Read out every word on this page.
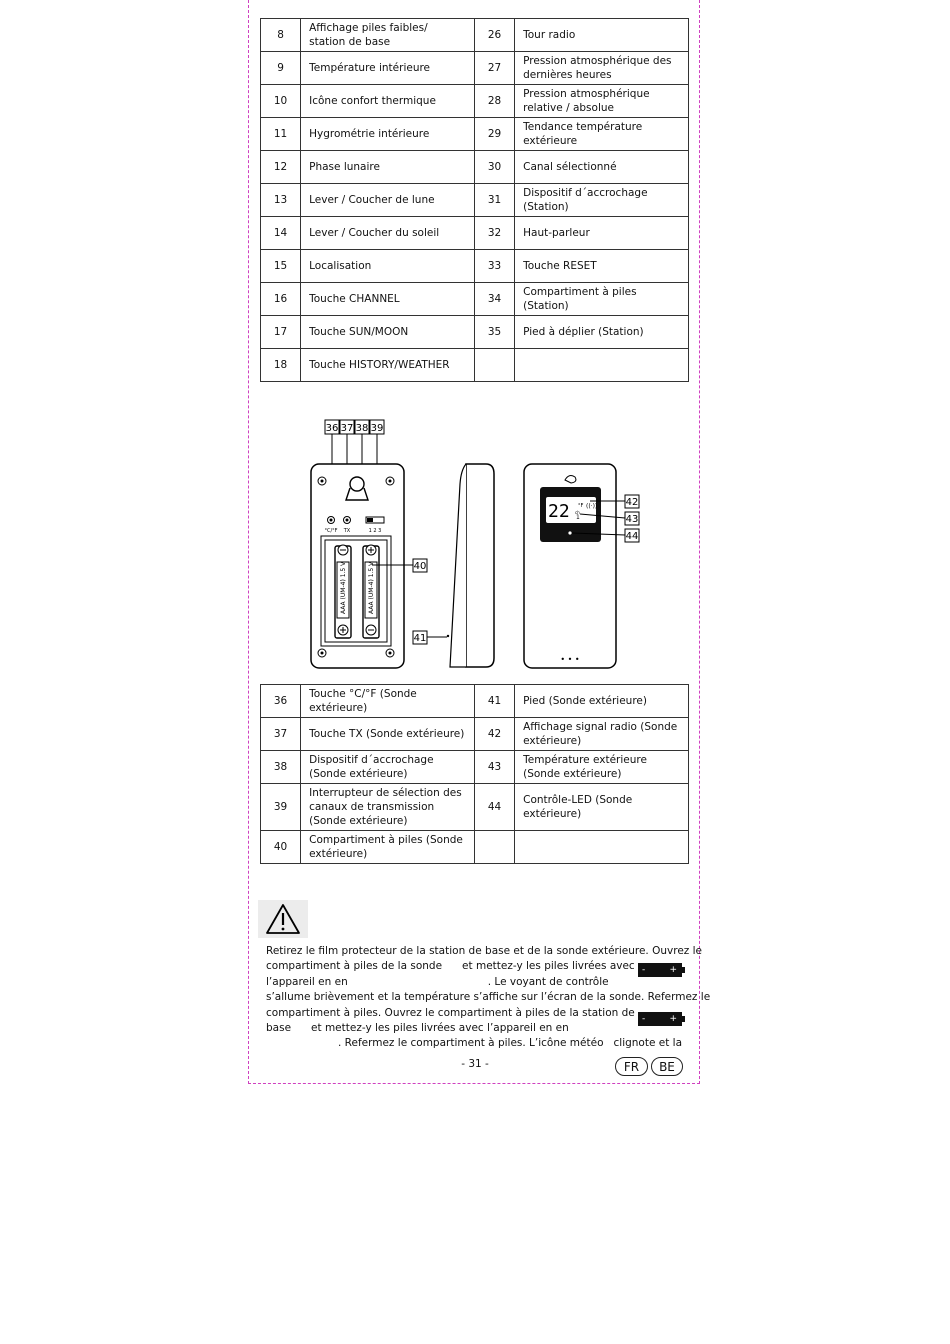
8	Affichage piles faibles/ station de base	26	Tour radio
9	Température intérieure	27	Pression atmosphérique des dernières heures
10	Icône confort thermique	28	Pression atmosphérique relative / absolue
11	Hygrométrie intérieure	29	Tendance température extérieure
12	Phase lunaire	30	Canal sélectionné
13	Lever / Coucher de lune	31	Dispositif d´accrochage (Station)
14	Lever / Coucher du soleil	32	Haut-parleur
15	Localisation	33	Touche RESET
16	Touche CHANNEL	34	Compartiment à piles (Station)
17	Touche SUN/MOON	35	Pied à déplier (Station)
18	Touche HISTORY/WEATHER		
36 37 38 39
°C/°F TX	1 2 3
AAA (UM-4) 1.5 V	AAA (UM-4) 1.5 V	40
41
22 °F
ch
1
((·))
• • •
42
43
44
36	Touche °C/°F (Sonde extérieure)	41	Pied (Sonde extérieure)
37	Touche TX (Sonde extérieure)	42	Affichage signal radio (Sonde extérieure)
38	Dispositif d´accrochage (Sonde extérieure)	43	Température extérieure (Sonde extérieure)
39	Interrupteur de sélection des canaux de transmission (Sonde extérieure)	44	Contrôle-LED (Sonde extérieure)
40	Compartiment à piles (Sonde extérieure)		
Retirez le film protecteur de la station de base et de la sonde extérieure. Ouvrez le
compartiment à piles de la sonde et mettez-y les piles livrées avec
l’appareil en en	. Le voyant de contrôle
s’allume brièvement et la température s’affiche sur l’écran de la sonde. Refermez le
compartiment à piles. Ouvrez le compartiment à piles de la station de
base et mettez-y les piles livrées avec l’appareil en en
. Refermez le compartiment à piles. L’icône météo clignote et la
-	+
-	+
- 31 -	FR	BE
